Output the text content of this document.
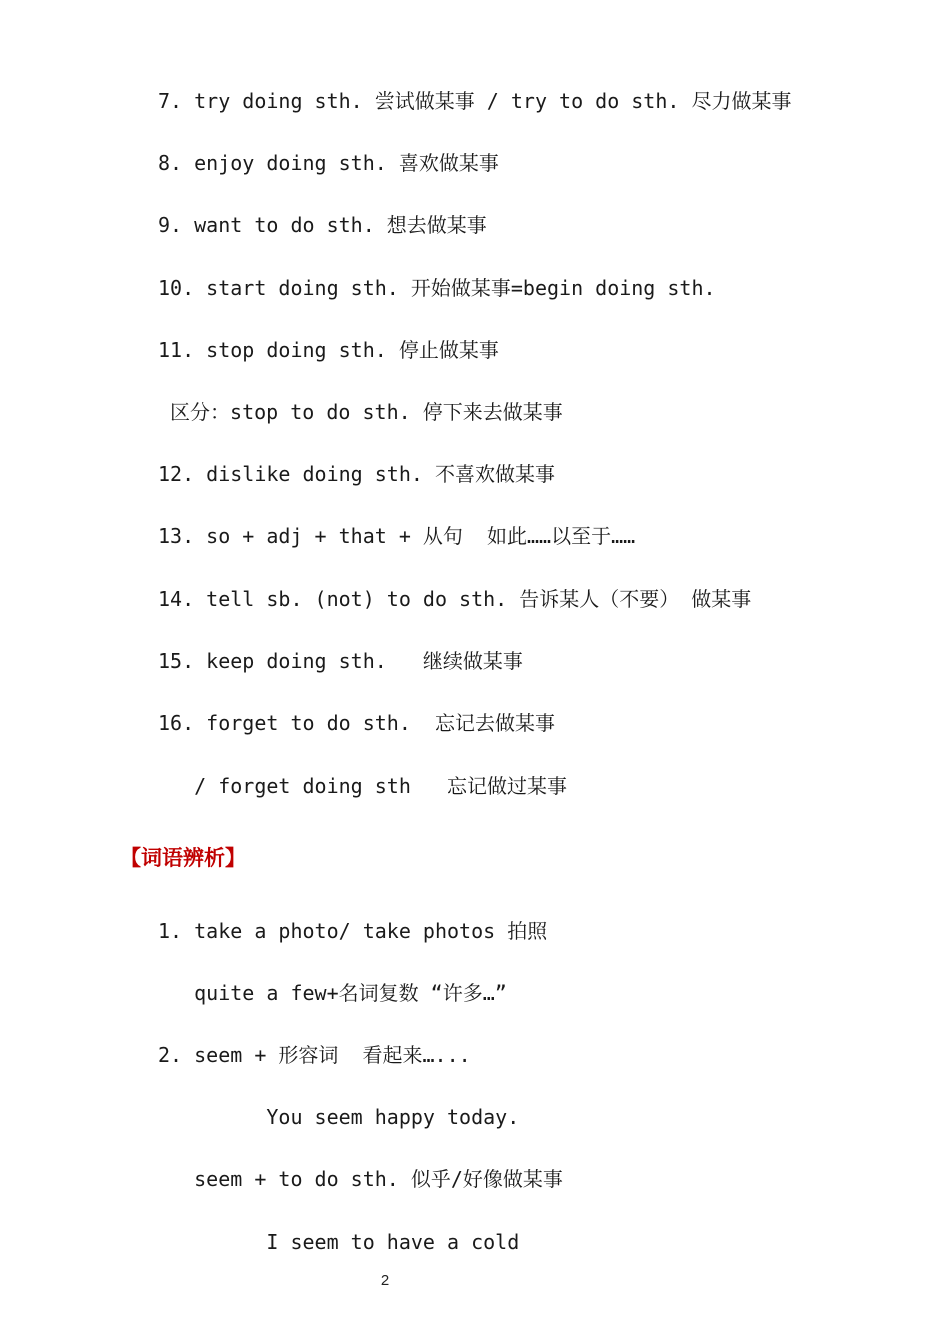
7. try doing sth. 尝试做某事 / try to do sth. 尽力做某事
8. enjoy doing sth. 喜欢做某事
9. want to do sth. 想去做某事
10. start doing sth. 开始做某事=begin doing sth.
11. stop doing sth. 停止做某事
区分：stop to do sth. 停下来去做某事
12. dislike doing sth. 不喜欢做某事
13. so + adj + that + 从句  如此……以至于……
14. tell sb. (not) to do sth. 告诉某人（不要） 做某事
15. keep doing sth.   继续做某事
16. forget to do sth.  忘记去做某事
/ forget doing sth   忘记做过某事
【词语辨析】
1. take a photo/ take photos 拍照
quite a few+名词复数 “许多…”
2. seem + 形容词  看起来…...
You seem happy today.
seem + to do sth. 似乎/好像做某事
I seem to have a cold
2
